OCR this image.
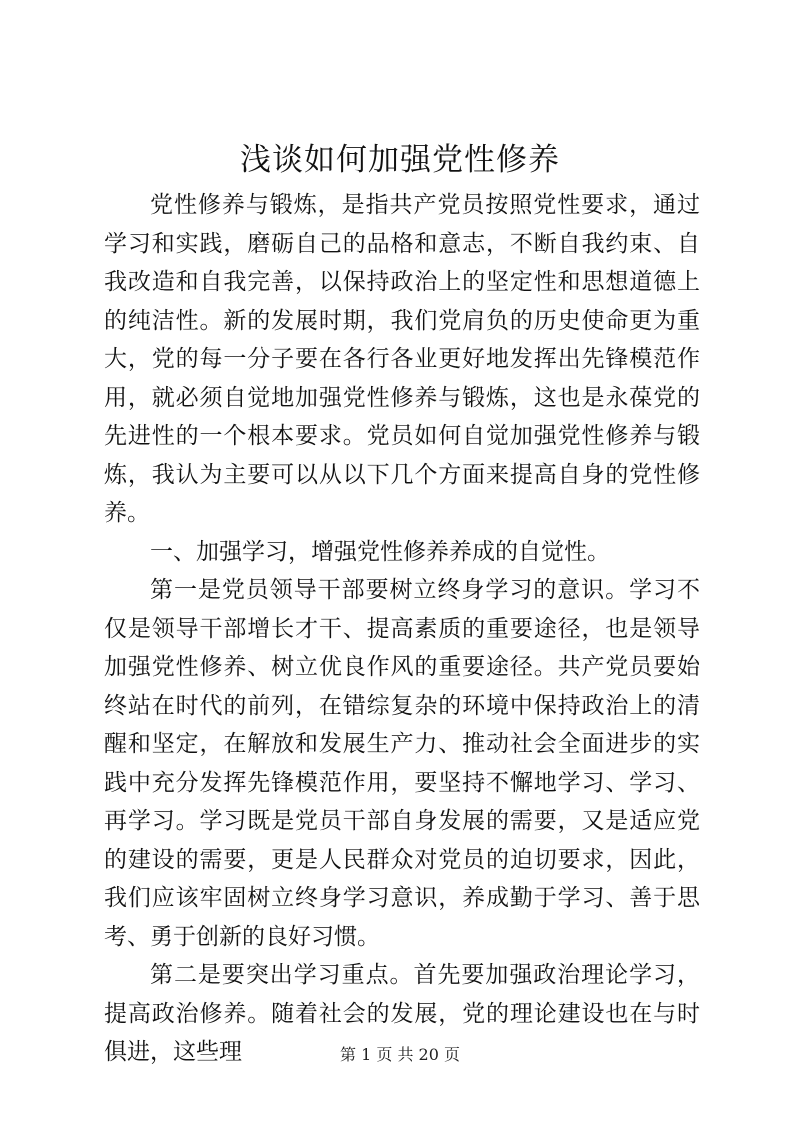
浅谈如何加强党性修养

党性修养与锻炼，是指共产党员按照党性要求，通过学习和实践，磨砺自己的品格和意志，不断自我约束、自我改造和自我完善，以保持政治上的坚定性和思想道德上的纯洁性。新的发展时期，我们党肩负的历史使命更为重大，党的每一分子要在各行各业更好地发挥出先锋模范作用，就必须自觉地加强党性修养与锻炼，这也是永葆党的先进性的一个根本要求。党员如何自觉加强党性修养与锻炼，我认为主要可以从以下几个方面来提高自身的党性修养。

一、加强学习，增强党性修养养成的自觉性。

第一是党员领导干部要树立终身学习的意识。学习不仅是领导干部增长才干、提高素质的重要途径，也是领导加强党性修养、树立优良作风的重要途径。共产党员要始终站在时代的前列，在错综复杂的环境中保持政治上的清醒和坚定，在解放和发展生产力、推动社会全面进步的实践中充分发挥先锋模范作用，要坚持不懈地学习、学习、再学习。学习既是党员干部自身发展的需要，又是适应党的建设的需要，更是人民群众对党员的迫切要求，因此，我们应该牢固树立终身学习意识，养成勤于学习、善于思考、勇于创新的良好习惯。

第二是要突出学习重点。首先要加强政治理论学习，提高政治修养。随着社会的发展，党的理论建设也在与时俱进，这些理	第 1 页 共 20 页
